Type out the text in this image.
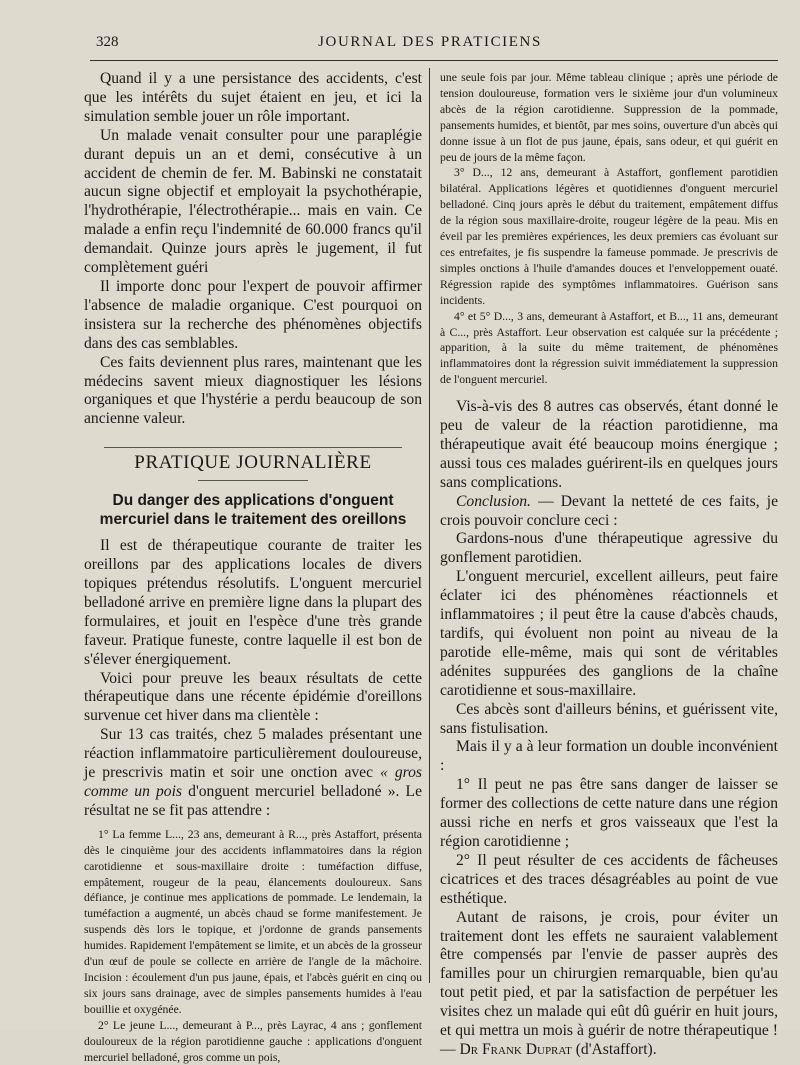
328	JOURNAL DES PRATICIENS

Quand il y a une persistance des accidents, c'est que les intérêts du sujet étaient en jeu, et ici la simulation semble jouer un rôle important.

Un malade venait consulter pour une paraplégie durant depuis un an et demi, consécutive à un accident de chemin de fer. M. Babinski ne constatait aucun signe objectif et employait la psychothérapie, l'hydrothérapie, l'électrothérapie... mais en vain. Ce malade a enfin reçu l'indemnité de 60.000 francs qu'il demandait. Quinze jours après le jugement, il fut complètement guéri

Il importe donc pour l'expert de pouvoir affirmer l'absence de maladie organique. C'est pourquoi on insistera sur la recherche des phénomènes objectifs dans des cas semblables.

Ces faits deviennent plus rares, maintenant que les médecins savent mieux diagnostiquer les lésions organiques et que l'hystérie a perdu beaucoup de son ancienne valeur.

PRATIQUE JOURNALIÈRE
Du danger des applications d'onguent mercuriel dans le traitement des oreillons

Il est de thérapeutique courante de traiter les oreillons par des applications locales de divers topiques prétendus résolutifs. L'onguent mercuriel belladoné arrive en première ligne dans la plupart des formulaires, et jouit en l'espèce d'une très grande faveur. Pratique funeste, contre laquelle il est bon de s'élever énergiquement.

Voici pour preuve les beaux résultats de cette thérapeutique dans une récente épidémie d'oreillons survenue cet hiver dans ma clientèle :

Sur 13 cas traités, chez 5 malades présentant une réaction inflammatoire particulièrement douloureuse, je prescrivis matin et soir une onction avec « gros comme un pois d'onguent mercuriel belladoné ». Le résultat ne se fit pas attendre :

1° La femme L..., 23 ans, demeurant à R..., près Astaffort, présenta dès le cinquième jour des accidents inflammatoires dans la région carotidienne et sous-maxillaire droite : tuméfaction diffuse, empâtement, rougeur de la peau, élancements douloureux. Sans défiance, je continue mes applications de pommade. Le lendemain, la tuméfaction a augmenté, un abcès chaud se forme manifestement. Je suspends dès lors le topique, et j'ordonne de grands pansements humides. Rapidement l'empâtement se limite, et un abcès de la grosseur d'un œuf de poule se collecte en arrière de l'angle de la mâchoire. Incision : écoulement d'un pus jaune, épais, et l'abcès guérit en cinq ou six jours sans drainage, avec de simples pansements humides à l'eau bouillie et oxygénée.

2° Le jeune L..., demeurant à P..., près Layrac, 4 ans ; gonflement douloureux de la région parotidienne gauche : applications d'onguent mercuriel belladoné, gros comme un pois,

une seule fois par jour. Même tableau clinique ; après une période de tension douloureuse, formation vers le sixième jour d'un volumineux abcès de la région carotidienne. Suppression de la pommade, pansements humides, et bientôt, par mes soins, ouverture d'un abcès qui donne issue à un flot de pus jaune, épais, sans odeur, et qui guérit en peu de jours de la même façon.

3° D..., 12 ans, demeurant à Astaffort, gonflement parotidien bilatéral. Applications légères et quotidiennes d'onguent mercuriel belladoné. Cinq jours après le début du traitement, empâtement diffus de la région sous maxillaire-droite, rougeur légère de la peau. Mis en éveil par les premières expériences, les deux premiers cas évoluant sur ces entrefaites, je fis suspendre la fameuse pommade. Je prescrivis de simples onctions à l'huile d'amandes douces et l'enveloppement ouaté. Régression rapide des symptômes inflammatoires. Guérison sans incidents.

4° et 5° D..., 3 ans, demeurant à Astaffort, et B..., 11 ans, demeurant à C..., près Astaffort. Leur observation est calquée sur la précédente ; apparition, à la suite du même traitement, de phénomènes inflammatoires dont la régression suivit immédiatement la suppression de l'onguent mercuriel.

Vis-à-vis des 8 autres cas observés, étant donné le peu de valeur de la réaction parotidienne, ma thérapeutique avait été beaucoup moins énergique ; aussi tous ces malades guérirent-ils en quelques jours sans complications.

Conclusion. — Devant la netteté de ces faits, je crois pouvoir conclure ceci :

Gardons-nous d'une thérapeutique agressive du gonflement parotidien.

L'onguent mercuriel, excellent ailleurs, peut faire éclater ici des phénomènes réactionnels et inflammatoires ; il peut être la cause d'abcès chauds, tardifs, qui évoluent non point au niveau de la parotide elle-même, mais qui sont de véritables adénites suppurées des ganglions de la chaîne carotidienne et sous-maxillaire.

Ces abcès sont d'ailleurs bénins, et guérissent vite, sans fistulisation.

Mais il y a à leur formation un double inconvénient :

1° Il peut ne pas être sans danger de laisser se former des collections de cette nature dans une région aussi riche en nerfs et gros vaisseaux que l'est la région carotidienne ;

2° Il peut résulter de ces accidents de fâcheuses cicatrices et des traces désagréables au point de vue esthétique.

Autant de raisons, je crois, pour éviter un traitement dont les effets ne sauraient valablement être compensés par l'envie de passer auprès des familles pour un chirurgien remarquable, bien qu'au tout petit pied, et par la satisfaction de perpétuer les visites chez un malade qui eût dû guérir en huit jours, et qui mettra un mois à guérir de notre thérapeutique ! — Dr Frank Duprat (d'Astaffort).
